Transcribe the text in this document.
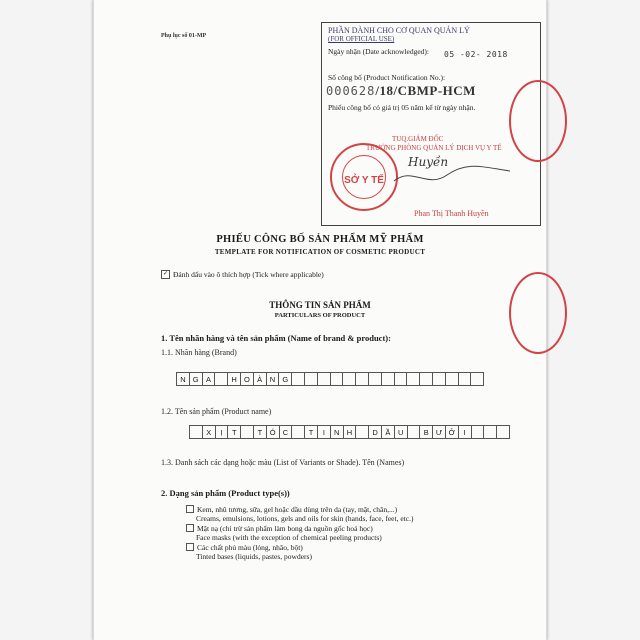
Phụ lục số 01-MP
PHẦN DÀNH CHO CƠ QUAN QUẢN LÝ
(FOR OFFICIAL USE)
Ngày nhận (Date acknowledged): 05 -02- 2018
Số công bố (Product Notification No.):
000628/18/CBMP-HCM
Phiếu công bố có giá trị 05 năm kể từ ngày nhận.
TUQ.GIÁM ĐỐC
TRƯỞNG PHÒNG QUẢN LÝ DỊCH VỤ Y TẾ
SỞ Y TẾ
Huyền
Phan Thị Thanh Huyền
PHIẾU CÔNG BỐ SẢN PHẨM MỸ PHẨM
TEMPLATE FOR NOTIFICATION OF COSMETIC PRODUCT
✓ Đánh dấu vào ô thích hợp (Tick where applicable)
THÔNG TIN SẢN PHẨM
PARTICULARS OF PRODUCT
1. Tên nhãn hàng và tên sản phẩm (Name of brand & product):
1.1. Nhãn hàng (Brand)
N G A	H O À	N G
1.2. Tên sản phẩm (Product name)
X	Ị	T	T	Ó C	T	I	N H	D	Ầ	U	B Ư Ở	I
1.3. Danh sách các dạng hoặc màu (List of Variants or Shade). Tên (Names)
2. Dạng sản phẩm (Product type(s))
Kem, nhũ tương, sữa, gel hoặc dầu dùng trên da (tay, mặt, chân,...)
Creams, emulsions, lotions, gels and oils for skin (hands, face, feet, etc.)
Mặt nạ (chỉ trừ sản phẩm làm bong da nguồn gốc hoá học)
Face masks (with the exception of chemical peeling products)
Các chất phủ màu (lỏng, nhão, bột)
Tinted bases (liquids, pastes, powders)
